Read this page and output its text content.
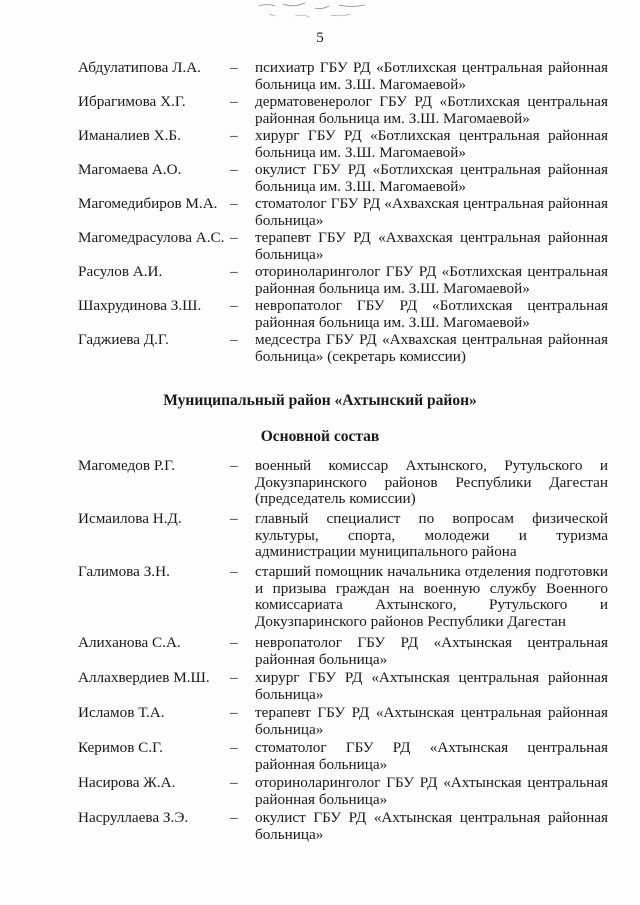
5
Абдулатипова Л.А.	–	психиатр ГБУ РД «Ботлихская центральная районная больница им. З.Ш. Магомаевой»
Ибрагимова Х.Г.	–	дерматовенеролог ГБУ РД «Ботлихская центральная районная больница им. З.Ш. Магомаевой»
Иманалиев Х.Б.	–	хирург ГБУ РД «Ботлихская центральная районная больница им. З.Ш. Магомаевой»
Магомаева А.О.	–	окулист ГБУ РД «Ботлихская центральная районная больница им. З.Ш. Магомаевой»
Магомедибиров М.А. –	стоматолог ГБУ РД «Ахвахская центральная районная больница»
Магомедрасулова А.С. –	терапевт ГБУ РД «Ахвахская центральная районная больница»
Расулов А.И.	–	оториноларинголог ГБУ РД «Ботлихская центральная районная больница им. З.Ш. Магомаевой»
Шахрудинова З.Ш.	–	невропатолог ГБУ РД «Ботлихская центральная районная больница им. З.Ш. Магомаевой»
Гаджиева Д.Г.	–	медсестра ГБУ РД «Ахвахская центральная районная больница» (секретарь комиссии)
Муниципальный район «Ахтынский район»
Основной состав
Магомедов Р.Г.	–	военный комиссар Ахтынского, Рутульского и Докузпаринского районов Республики Дагестан (председатель комиссии)
Исмаилова Н.Д.	–	главный специалист по вопросам физической культуры, спорта, молодежи и туризма администрации муниципального района
Галимова З.Н.	–	старший помощник начальника отделения подготовки и призыва граждан на военную службу Военного комиссариата Ахтынского, Рутульского и Докузпаринского районов Республики Дагестан
Алиханова С.А.	–	невропатолог ГБУ РД «Ахтынская центральная районная больница»
Аллахвердиев М.Ш.	–	хирург ГБУ РД «Ахтынская центральная районная больница»
Исламов Т.А.	–	терапевт ГБУ РД «Ахтынская центральная районная больница»
Керимов С.Г.	–	стоматолог ГБУ РД «Ахтынская центральная районная больница»
Насирова Ж.А.	–	оториноларинголог ГБУ РД «Ахтынская центральная районная больница»
Насруллаева З.Э.	–	окулист ГБУ РД «Ахтынская центральная районная больница»
